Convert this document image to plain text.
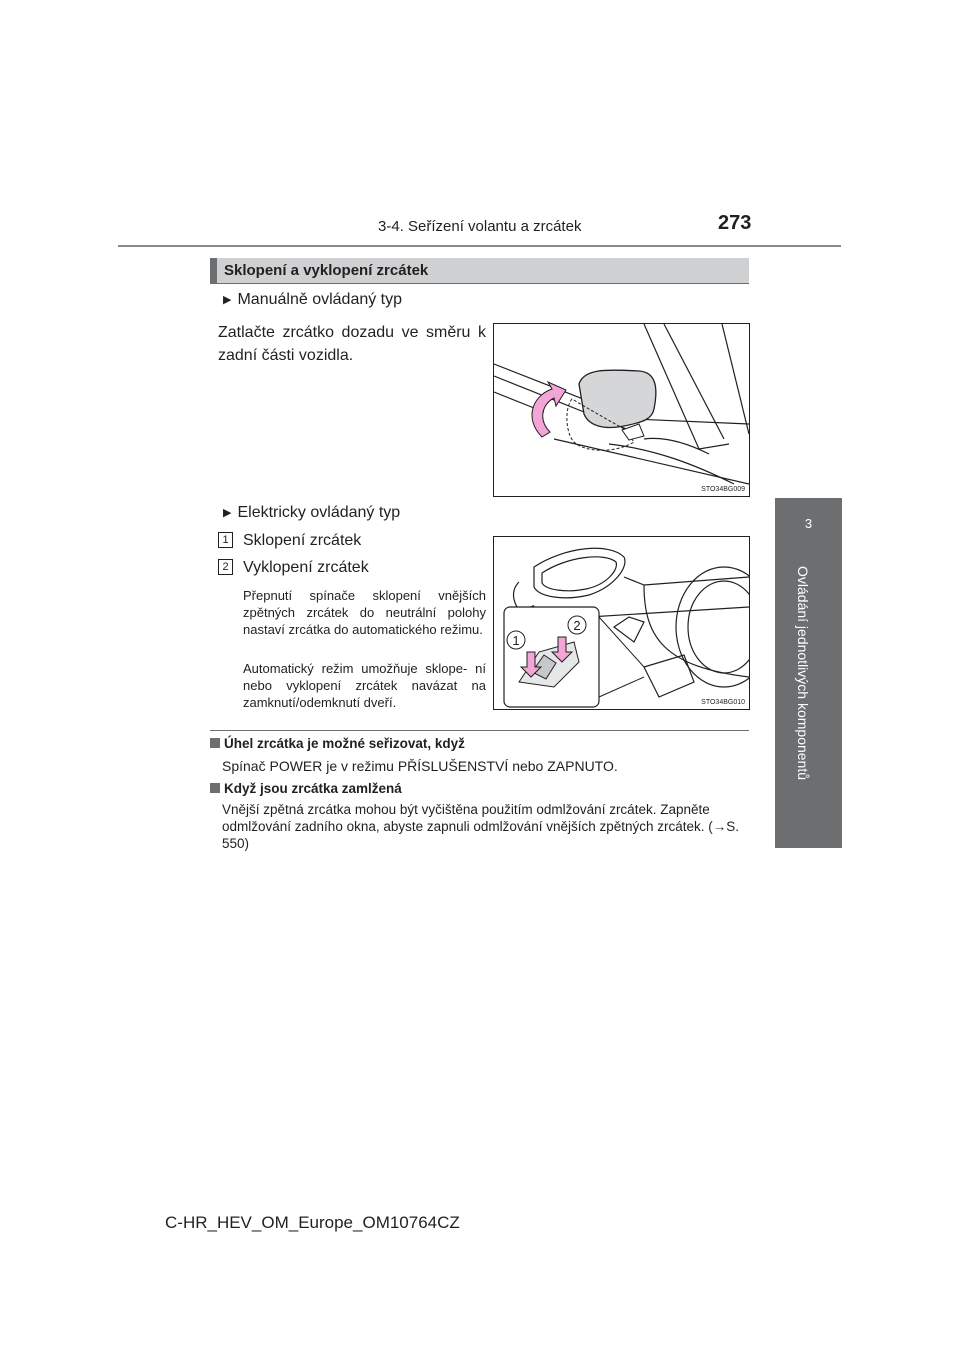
3-4. Seřízení volantu a zrcátek	273
3
Ovládání jednotlivých komponentů
Sklopení a vyklopení zrcátek
▶ Manuálně ovládaný typ
Zatlačte zrcátko dozadu ve směru k zadní části vozidla.
STO34BG009
▶ Elektricky ovládaný typ
1 Sklopení zrcátek
2 Vyklopení zrcátek
Přepnutí spínače sklopení vnějších zpětných zrcátek do neutrální polohy nastaví zrcátka do automatického režimu.
Automatický režim umožňuje sklope- ní nebo vyklopení zrcátek navázat na zamknutí/odemknutí dveří.
1
2
STO34BG010
Úhel zrcátka je možné seřizovat, když
Spínač POWER je v režimu PŘÍSLUŠENSTVÍ nebo ZAPNUTO.
Když jsou zrcátka zamlžená
Vnější zpětná zrcátka mohou být vyčištěna použitím odmlžování zrcátek. Zapněte odmlžování zadního okna, abyste zapnuli odmlžování vnějších zpětných zrcátek. (→S. 550)
C-HR_HEV_OM_Europe_OM10764CZ
